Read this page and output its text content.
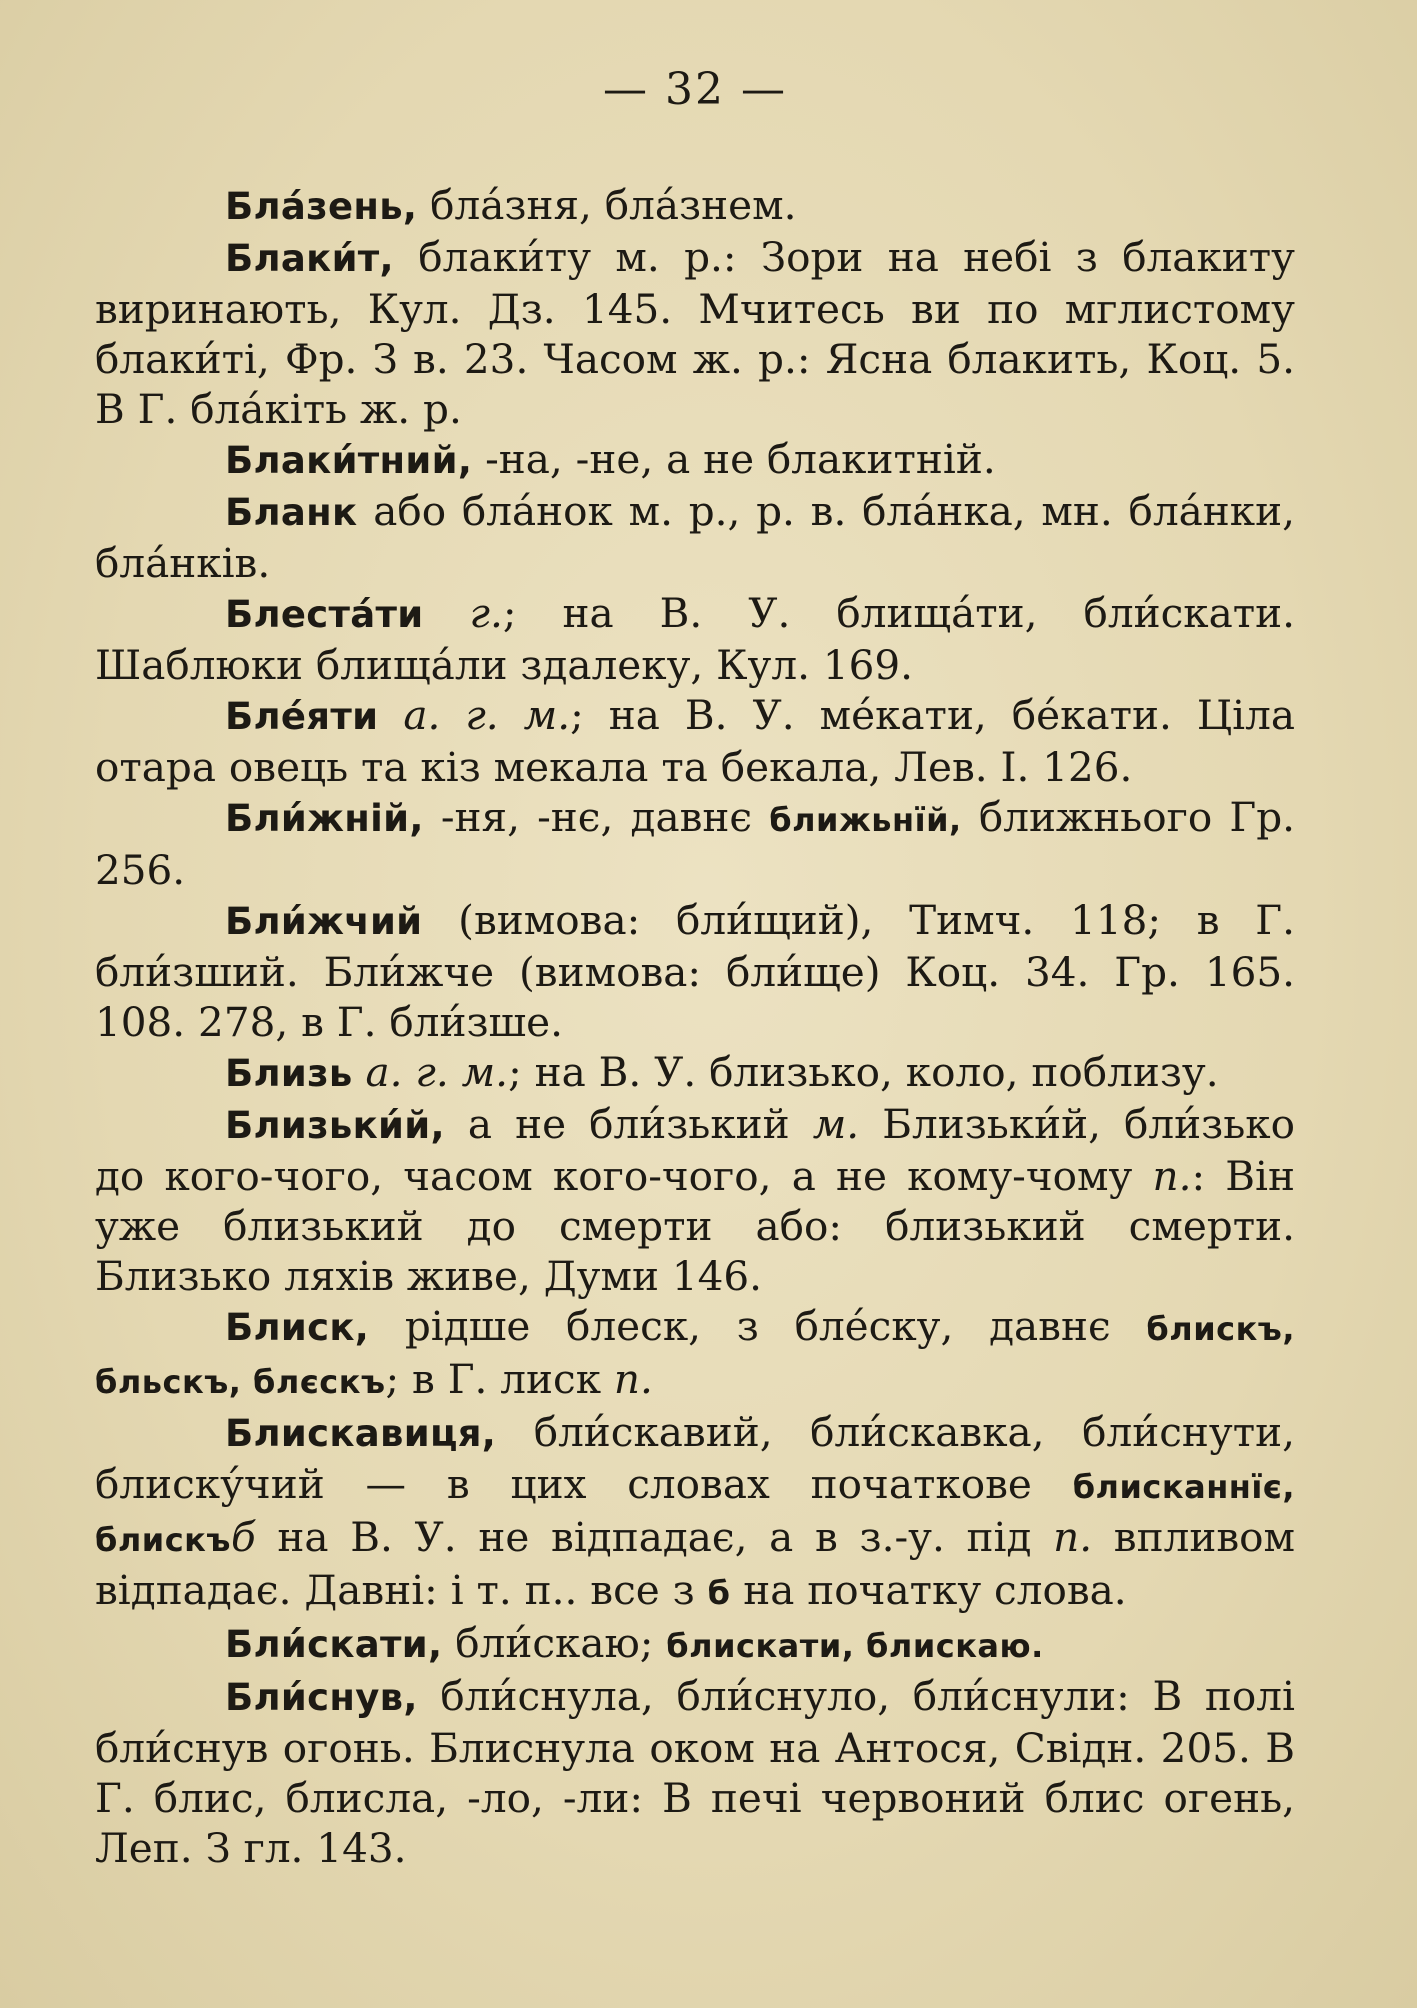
— 32 —

Бла́зень, бла́зня, бла́знем.

Блаки́т, блаки́ту м. р.: Зори на небі з блакиту виринають, Кул. Дз. 145. Мчитесь ви по мглистому блаки́ті, Фр. З в. 23. Часом ж. р.: Ясна блакить, Коц. 5. В Г. бла́кіть ж. р.

Блаки́тний, -на, -не, а не блакитній.

Бланк або бла́нок м. р., р. в. бла́нка, мн. бла́нки, бла́нків.

Блеста́ти г.; на В. У. блища́ти, бли́скати. Шаблюки блища́ли здалеку, Кул. 169.

Бле́яти а. г. м.; на В. У. ме́кати, бе́кати. Ціла отара овець та кіз мекала та бекала, Лев. І. 126.

Бли́жній, -ня, -нє, давнє ближьнїй, ближнього Гр. 256.

Бли́жчий (вимова: бли́щий), Тимч. 118; в Г. бли́зший. Бли́жче (вимова: бли́ще) Коц. 34. Гр. 165. 108. 278, в Г. бли́зше.

Близь а. г. м.; на В. У. близько, коло, поблизу.

Близьки́й, а не бли́зький м. Близьки́й, бли́зько до кого-чого, часом кого-чого, а не кому-чому п.: Він уже близький до смерти або: близький смерти. Близько ляхів живе, Думи 146.

Блиск, рідше блеск, з бле́ску, давнє блискъ, бльскъ, блєскъ; в Г. лиск п.

Блискавиця, бли́скавий, бли́скавка, бли́снути, блиску́чий — в цих словах початкове блисканнїє, блискъб на В. У. не відпадає, а в з.-у. під п. впливом відпадає. Давні: і т. п.. все з б на початку слова.

Бли́скати, бли́скаю; блискати, блискаю.

Бли́снув, бли́снула, бли́снуло, бли́снули: В полі бли́снув огонь. Блиснула оком на Антося, Свідн. 205. В Г. блис, блисла, -ло, -ли: В печі червоний блис огень, Леп. З гл. 143.
